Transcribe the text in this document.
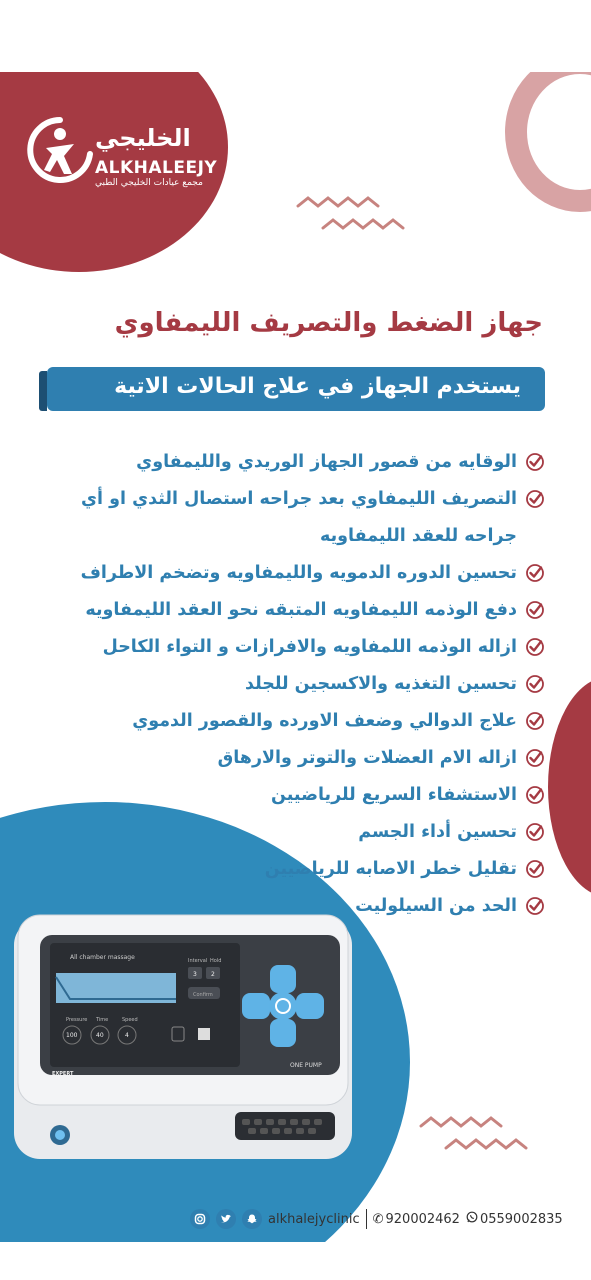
الخليجي
ALKHALEEJY
مجمع عيادات الخليجي الطبي
جهاز الضغط والتصريف الليمفاوي
يستخدم الجهاز في علاج الحالات الاتية
الوقايه من قصور الجهاز الوريدي والليمفاوي
التصريف الليمفاوي بعد جراحه استصال الثدي او أي جراحه للعقد الليمفاويه
تحسين الدوره الدمويه والليمفاويه وتضخم الاطراف
دفع الوذمه الليمفاويه المتبقه نحو العقد الليمفاويه
ازاله الوذمه اللمفاويه والافرازات و التواء الكاحل
تحسين التغذيه والاكسجين للجلد
علاج الدوالي وضعف الاورده والقصور الدموي
ازاله الام العضلات والتوتر والارهاق
الاستشفاء السريع للرياضيين
تحسين أداء الجسم
تقليل خطر الاصابه للرياضيين
الحد من السيلوليت
All chamber massage	Interval Hold
3 2
Confirm
Pressure Time	Speed
100	40	4
EXPERT
ONE PUMP
alkhalejyclinic ✆ 920002462 0559002835
